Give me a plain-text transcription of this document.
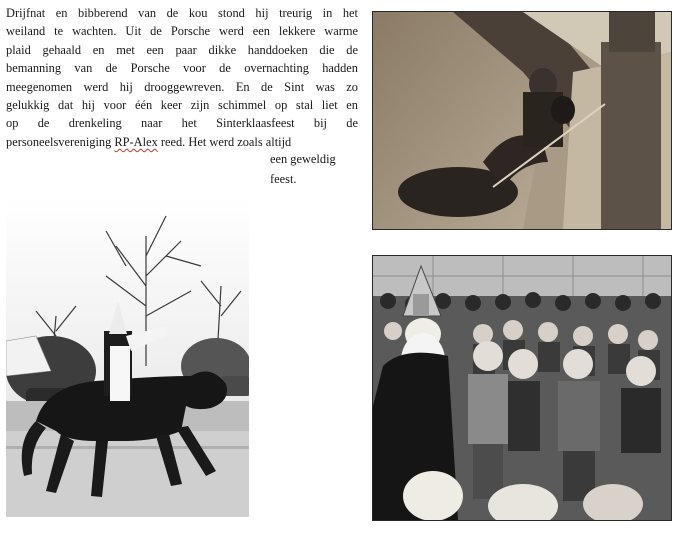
Drijfnat en bibberend van de kou stond hij treurig in het
weiland te wachten. Uit de Porsche werd een lekkere warme
plaid gehaald en met een paar dikke handdoeken die de
bemanning van de Porsche voor de overnachting hadden
meegenomen werd hij drooggewreven. En de Sint was zo
gelukkig dat hij voor één keer zijn schimmel op stal liet en
op de drenkeling naar het Sinterklaasfeest bij de
personeelsvereniging RP-Alex reed. Het werd zoals altijd
een geweldig
feest.
